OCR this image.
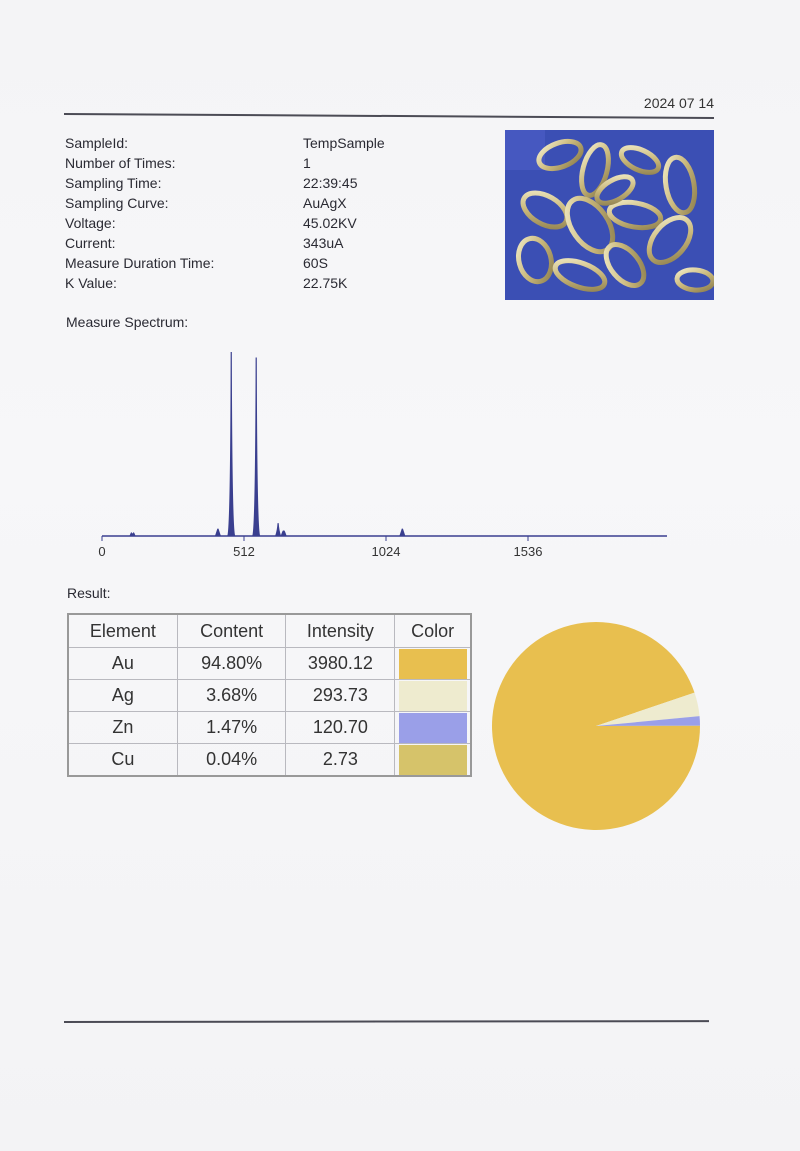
2024 07 14
SampleId:	TempSample
Number of Times:	1
Sampling Time:	22:39:45
Sampling Curve:	AuAgX
Voltage:	45.02KV
Current:	343uA
Measure Duration Time:	60S
K Value:	22.75K
Measure Spectrum:
0	512	1024	1536
Result:
Element	Content	Intensity	Color
Au	94.80%	3980.12	

Ag	3.68%	293.73	

Zn	1.47%	120.70	

Cu	0.04%	2.73	
